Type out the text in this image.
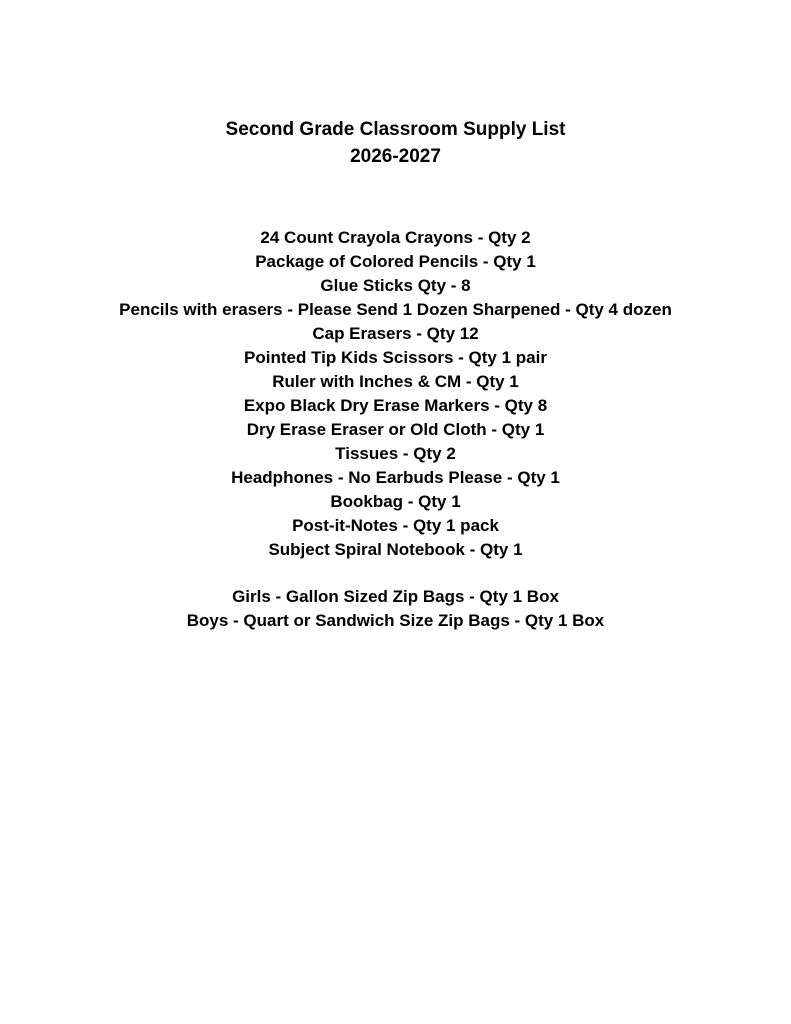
Second Grade Classroom Supply List
2026-2027
24 Count Crayola Crayons - Qty 2
Package of Colored Pencils - Qty 1
Glue Sticks Qty - 8
Pencils with erasers - Please Send 1 Dozen Sharpened - Qty 4 dozen
Cap Erasers - Qty 12
Pointed Tip Kids Scissors - Qty 1 pair
Ruler with Inches & CM - Qty 1
Expo Black Dry Erase Markers - Qty 8
Dry Erase Eraser or Old Cloth - Qty 1
Tissues - Qty 2
Headphones - No Earbuds Please - Qty 1
Bookbag - Qty 1
Post-it-Notes - Qty 1 pack
Subject Spiral Notebook - Qty 1
Girls - Gallon Sized Zip Bags - Qty 1 Box
Boys - Quart or Sandwich Size Zip Bags - Qty 1 Box
